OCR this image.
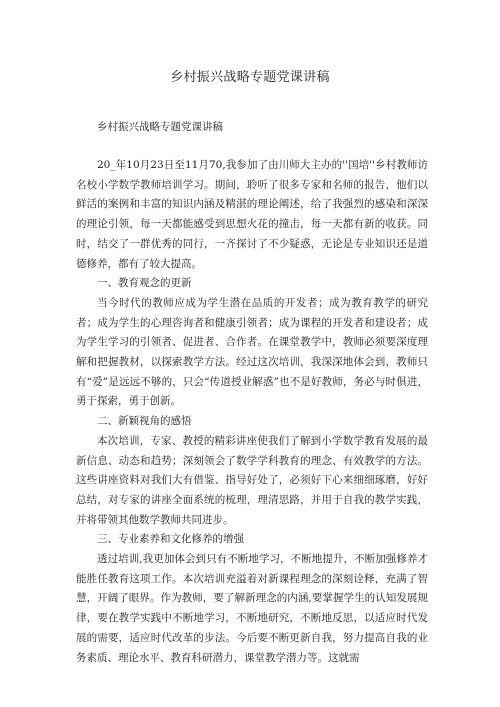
乡村振兴战略专题党课讲稿

乡村振兴战略专题党课讲稿

20_年10月23日至11月70,我参加了由川师大主办的''国培''乡村教师访名校小学数学教师培训学习。期间，聆听了很多专家和名师的报告，他们以鲜活的案例和丰富的知识内涵及精湛的理论阐述，给了我强烈的感染和深深的理论引领，每一天都能感受到思想火花的撞击，每一天都有新的收获。同时，结交了一群优秀的同行，一齐探讨了不少疑惑，无论是专业知识还是道德修养，都有了较大提高。

一、教育观念的更新

当今时代的教师应成为学生潜在品质的开发者；成为教育教学的研究者；成为学生的心理咨询者和健康引领者；成为课程的开发者和建设者；成为学生学习的引领者、促进者、合作者。在课堂教学中，教师必须要深度理解和把握教材，以探索教学方法。经过这次培训，我深深地体会到，教师只有“爱”是远远不够的，只会“传道授业解惑”也不是好教师，务必与时俱进，勇于探索，勇于创新。

二、新颖视角的感悟

本次培训，专家、教授的精彩讲座使我们了解到小学数学教育发展的最新信息、动态和趋势；深刻领会了数学学科教育的理念、有效教学的方法。这些讲座资料对我们大有借鉴、指导好处了，必须好下心来细细琢磨，好好总结，对专家的讲座全面系统的梳理，理清思路，并用于自我的教学实践，并将带领其他数学教师共同进步。

三、专业素养和文化修养的增强

透过培训,我更加体会到只有不断地学习，不断地提升，不断加强修养才能胜任教育这项工作。本次培训充溢着对新课程理念的深刻诠释，充满了智慧，开阔了眼界。作为教师，要了解新理念的内涵,要掌握学生的认知发展规律，要在教学实践中不断地学习，不断地研究，不断地反思，以适应时代发展的需要，适应时代改革的步法。今后要不断更新自我，努力提高自我的业务素质、理论水平、教育科研潜力，课堂教学潜力等。这就需
